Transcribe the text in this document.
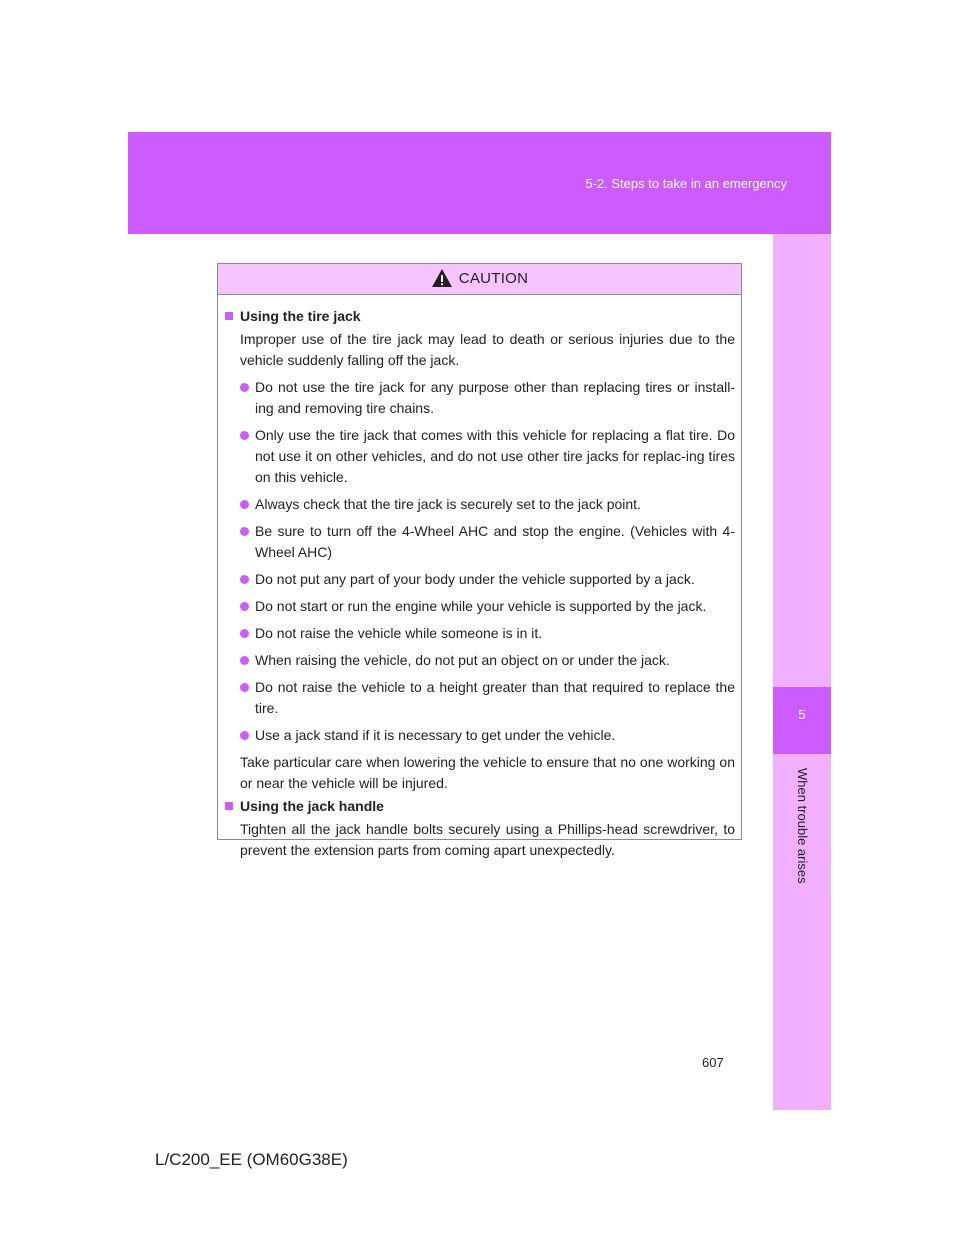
5-2. Steps to take in an emergency
5
When trouble arises
CAUTION
Using the tire jack
Improper use of the tire jack may lead to death or serious injuries due to the vehicle suddenly falling off the jack.
Do not use the tire jack for any purpose other than replacing tires or install-ing and removing tire chains.
Only use the tire jack that comes with this vehicle for replacing a flat tire. Do not use it on other vehicles, and do not use other tire jacks for replac-ing tires on this vehicle.
Always check that the tire jack is securely set to the jack point.
Be sure to turn off the 4-Wheel AHC and stop the engine. (Vehicles with 4-Wheel AHC)
Do not put any part of your body under the vehicle supported by a jack.
Do not start or run the engine while your vehicle is supported by the jack.
Do not raise the vehicle while someone is in it.
When raising the vehicle, do not put an object on or under the jack.
Do not raise the vehicle to a height greater than that required to replace the tire.
Use a jack stand if it is necessary to get under the vehicle.
Take particular care when lowering the vehicle to ensure that no one working on or near the vehicle will be injured.
Using the jack handle
Tighten all the jack handle bolts securely using a Phillips-head screwdriver, to prevent the extension parts from coming apart unexpectedly.
607
L/C200_EE (OM60G38E)
